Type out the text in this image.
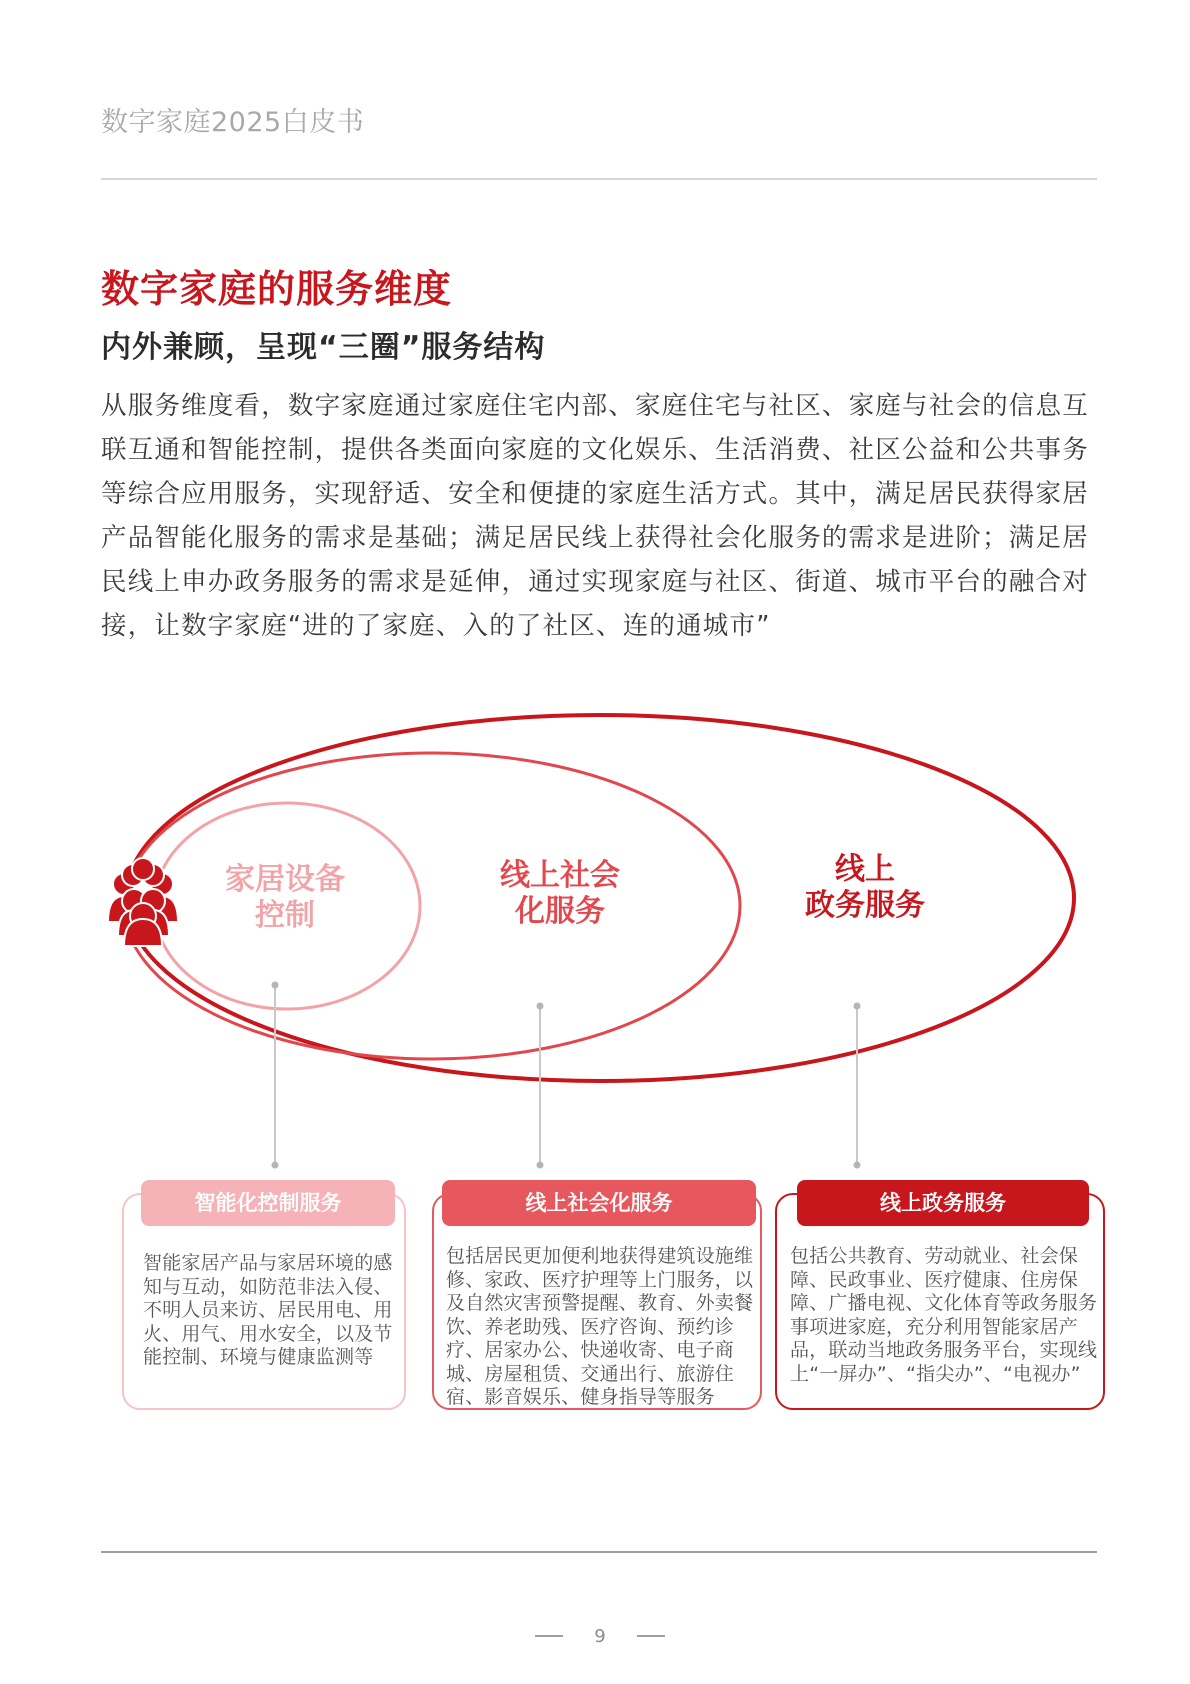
数字家庭2025白皮书
数字家庭的服务维度
内外兼顾，呈现“三圈”服务结构
从服务维度看，数字家庭通过家庭住宅内部、家庭住宅与社区、家庭与社会的信息互联互通和智能控制，提供各类面向家庭的文化娱乐、生活消费、社区公益和公共事务等综合应用服务，实现舒适、安全和便捷的家庭生活方式。其中，满足居民获得家居产品智能化服务的需求是基础；满足居民线上获得社会化服务的需求是进阶；满足居民线上申办政务服务的需求是延伸，通过实现家庭与社区、街道、城市平台的融合对接，让数字家庭“进的了家庭、入的了社区、连的通城市”
家居设备
控制
线上社会
化服务
线上
政务服务
智能化控制服务	线上社会化服务	线上政务服务
智能家居产品与家居环境的感知与互动，如防范非法入侵、不明人员来访、居民用电、用火、用气、用水安全，以及节能控制、环境与健康监测等
包括居民更加便利地获得建筑设施维修、家政、医疗护理等上门服务，以及自然灾害预警提醒、教育、外卖餐饮、养老助残、医疗咨询、预约诊疗、居家办公、快递收寄、电子商城、房屋租赁、交通出行、旅游住宿、影音娱乐、健身指导等服务
包括公共教育、劳动就业、社会保障、民政事业、医疗健康、住房保障、广播电视、文化体育等政务服务事项进家庭，充分利用智能家居产品，联动当地政务服务平台，实现线上“一屏办”、“指尖办”、“电视办”
9
